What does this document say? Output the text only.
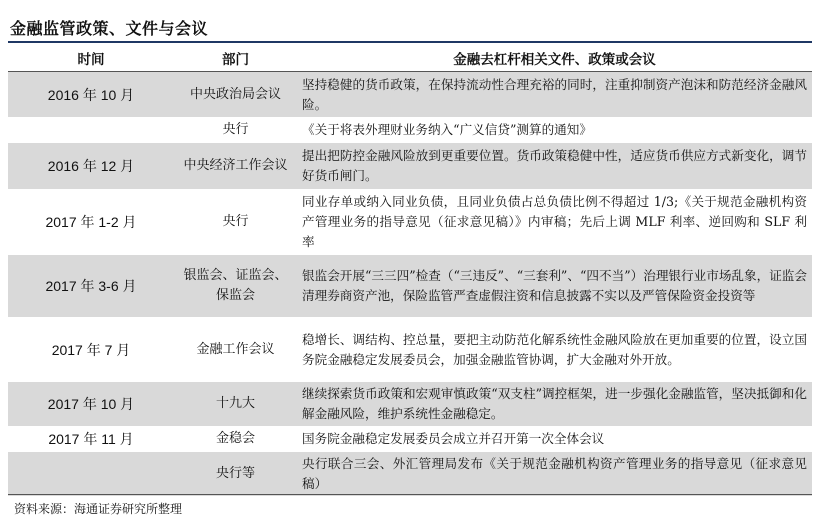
金融监管政策、文件与会议
时间	部门	金融去杠杆相关文件、政策或会议
2016 年 10 月	中央政治局会议	坚持稳健的货币政策，在保持流动性合理充裕的同时，注重抑制资产泡沫和防范经济金融风险。
	央行	《关于将表外理财业务纳入“广义信贷”测算的通知》
2016 年 12 月	中央经济工作会议	提出把防控金融风险放到更重要位置。货币政策稳健中性，适应货币供应方式新变化，调节好货币闸门。
2017 年 1-2 月	央行	同业存单或纳入同业负债，且同业负债占总负债比例不得超过 1/3;《关于规范金融机构资产管理业务的指导意见（征求意见稿）》内审稿；先后上调 MLF 利率、逆回购和 SLF 利率
2017 年 3-6 月	银监会、证监会、保监会	银监会开展“三三四”检查（“三违反”、“三套利”、“四不当”）治理银行业市场乱象，证监会清理券商资产池，保险监管严查虚假注资和信息披露不实以及严管保险资金投资等
2017 年 7 月	金融工作会议	稳增长、调结构、控总量，要把主动防范化解系统性金融风险放在更加重要的位置，设立国务院金融稳定发展委员会，加强金融监管协调，扩大金融对外开放。
2017 年 10 月	十九大	继续探索货币政策和宏观审慎政策“双支柱”调控框架，进一步强化金融监管，坚决抵御和化解金融风险，维护系统性金融稳定。
2017 年 11 月	金稳会	国务院金融稳定发展委员会成立并召开第一次全体会议
	央行等	央行联合三会、外汇管理局发布《关于规范金融机构资产管理业务的指导意见（征求意见稿）
资料来源：海通证券研究所整理
